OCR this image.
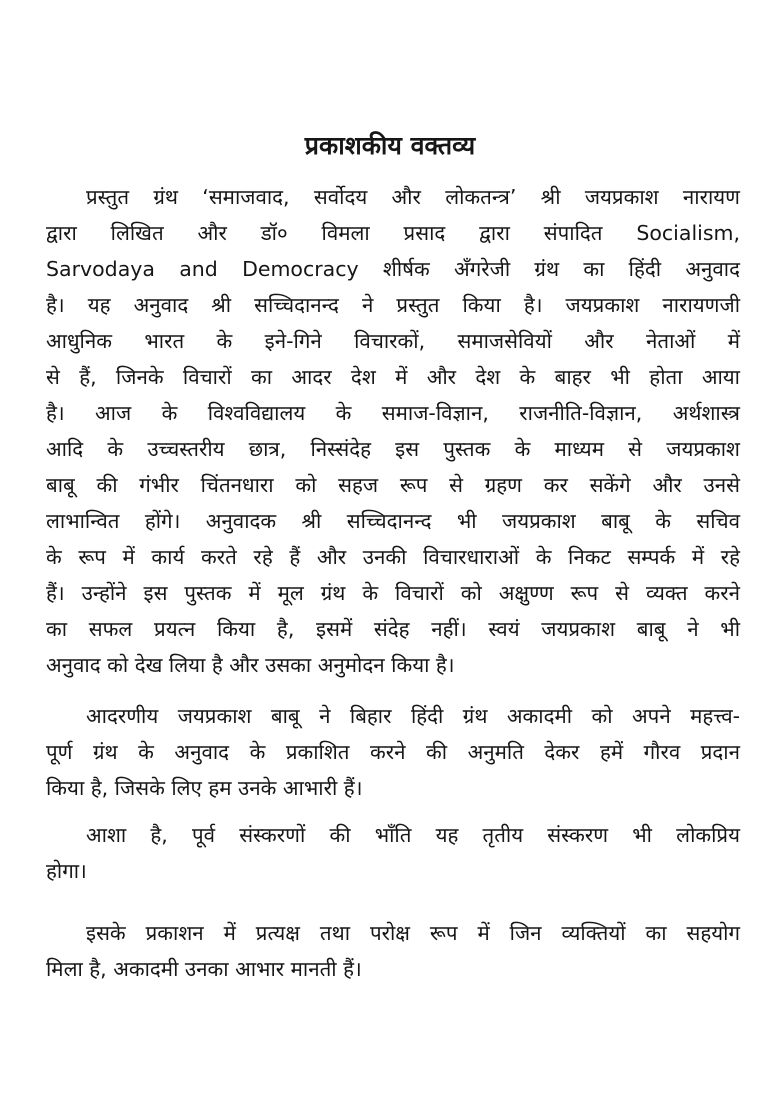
प्रकाशकीय वक्तव्य
प्रस्तुत ग्रंथ ‘समाजवाद, सर्वोदय और लोकतन्त्र’ श्री जयप्रकाश नारायण
द्वारा लिखित और डॉ० विमला प्रसाद द्वारा संपादित Socialism,
Sarvodaya and Democracy शीर्षक अँगरेजी ग्रंथ का हिंदी अनुवाद
है। यह अनुवाद श्री सच्चिदानन्द ने प्रस्तुत किया है। जयप्रकाश नारायणजी
आधुनिक भारत के इने-गिने विचारकों, समाजसेवियों और नेताओं में
से हैं, जिनके विचारों का आदर देश में और देश के बाहर भी होता आया
है। आज के विश्वविद्यालय के समाज-विज्ञान, राजनीति-विज्ञान, अर्थशास्त्र
आदि के उच्चस्तरीय छात्र, निस्संदेह इस पुस्तक के माध्यम से जयप्रकाश
बाबू की गंभीर चिंतनधारा को सहज रूप से ग्रहण कर सकेंगे और उनसे
लाभान्वित होंगे। अनुवादक श्री सच्चिदानन्द भी जयप्रकाश बाबू के सचिव
के रूप में कार्य करते रहे हैं और उनकी विचारधाराओं के निकट सम्पर्क में रहे
हैं। उन्होंने इस पुस्तक में मूल ग्रंथ के विचारों को अक्षुण्ण रूप से व्यक्त करने
का सफल प्रयत्न किया है, इसमें संदेह नहीं। स्वयं जयप्रकाश बाबू ने भी
अनुवाद को देख लिया है और उसका अनुमोदन किया है।
आदरणीय जयप्रकाश बाबू ने बिहार हिंदी ग्रंथ अकादमी को अपने महत्त्व-
पूर्ण ग्रंथ के अनुवाद के प्रकाशित करने की अनुमति देकर हमें गौरव प्रदान
किया है, जिसके लिए हम उनके आभारी हैं।
आशा है, पूर्व संस्करणों की भाँति यह तृतीय संस्करण भी लोकप्रिय
होगा।
इसके प्रकाशन में प्रत्यक्ष तथा परोक्ष रूप में जिन व्यक्तियों का सहयोग
मिला है, अकादमी उनका आभार मानती हैं।
